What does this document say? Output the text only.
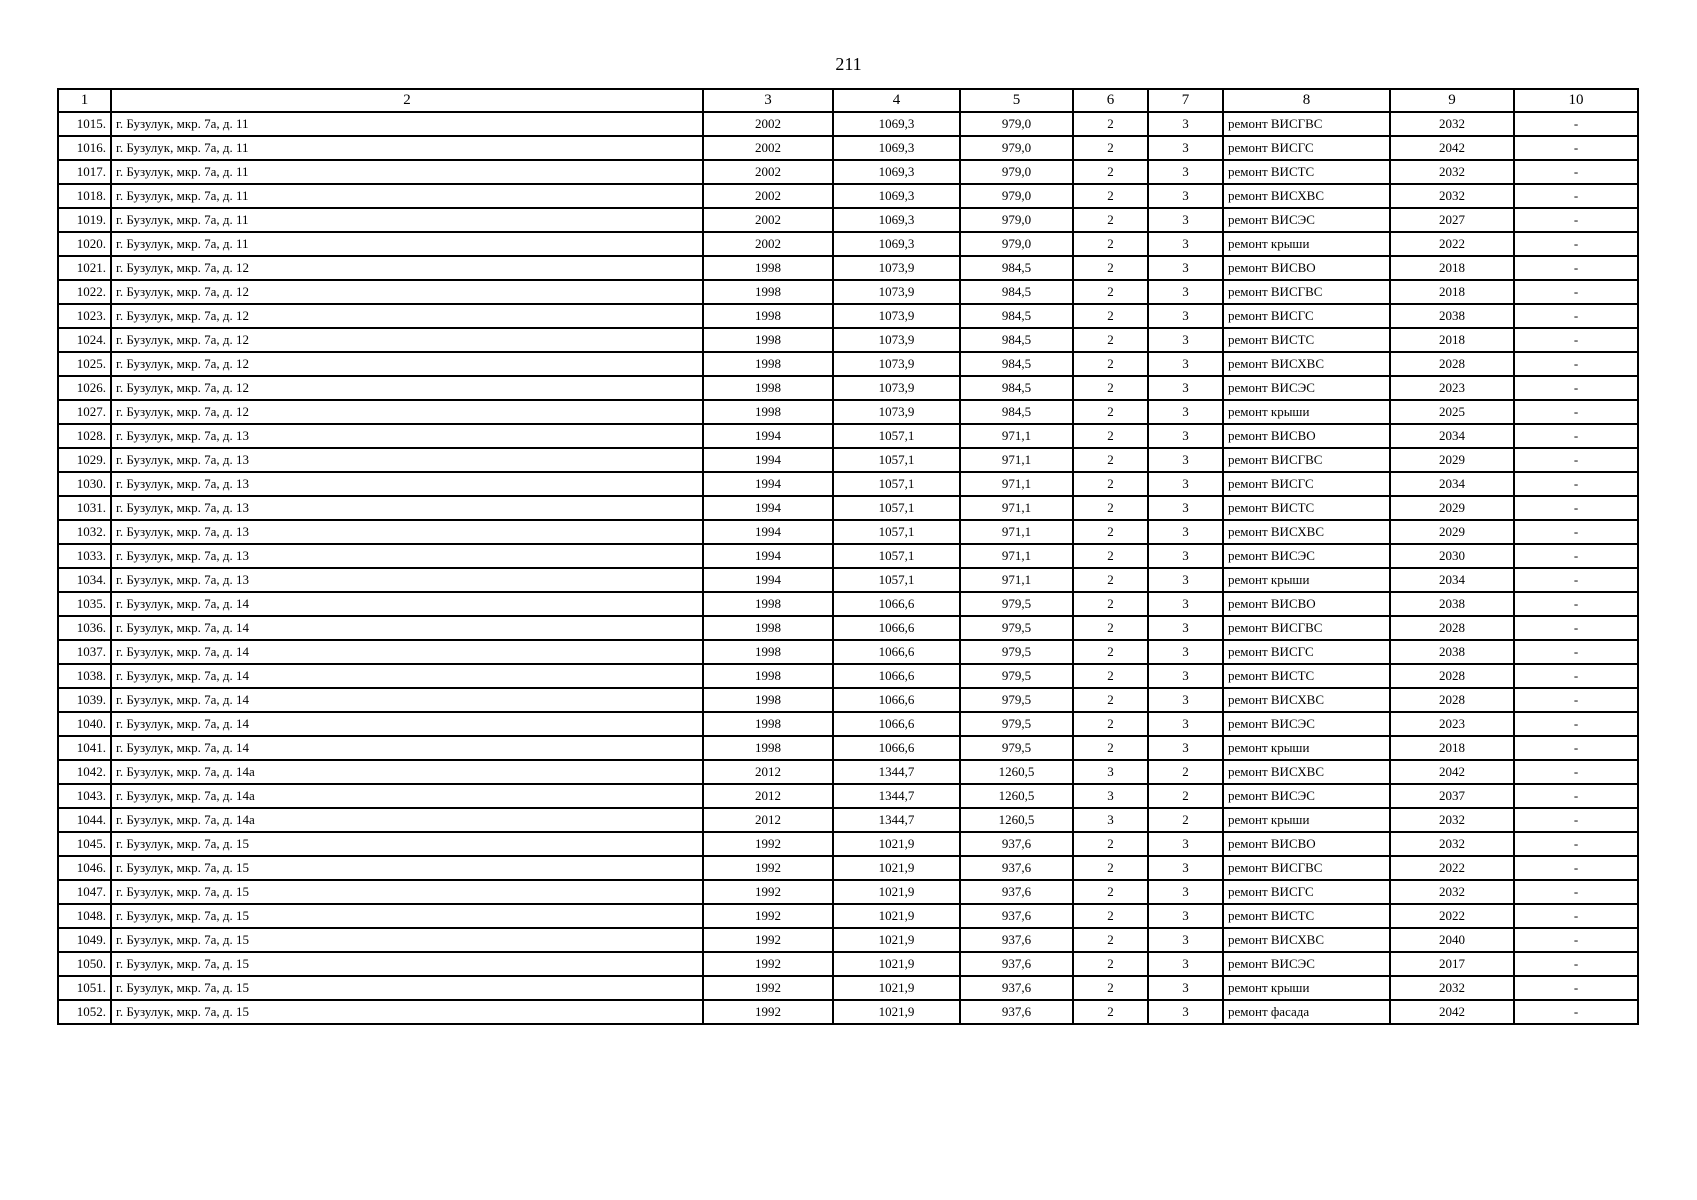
211
1	2	3	4	5	6	7	8	9	10
1015.	г. Бузулук, мкр. 7а, д. 11	2002	1069,3	979,0	2	3	ремонт ВИСГВС	2032	-
1016.	г. Бузулук, мкр. 7а, д. 11	2002	1069,3	979,0	2	3	ремонт ВИСГС	2042	-
1017.	г. Бузулук, мкр. 7а, д. 11	2002	1069,3	979,0	2	3	ремонт ВИСТС	2032	-
1018.	г. Бузулук, мкр. 7а, д. 11	2002	1069,3	979,0	2	3	ремонт ВИСХВС	2032	-
1019.	г. Бузулук, мкр. 7а, д. 11	2002	1069,3	979,0	2	3	ремонт ВИСЭС	2027	-
1020.	г. Бузулук, мкр. 7а, д. 11	2002	1069,3	979,0	2	3	ремонт крыши	2022	-
1021.	г. Бузулук, мкр. 7а, д. 12	1998	1073,9	984,5	2	3	ремонт ВИСВО	2018	-
1022.	г. Бузулук, мкр. 7а, д. 12	1998	1073,9	984,5	2	3	ремонт ВИСГВС	2018	-
1023.	г. Бузулук, мкр. 7а, д. 12	1998	1073,9	984,5	2	3	ремонт ВИСГС	2038	-
1024.	г. Бузулук, мкр. 7а, д. 12	1998	1073,9	984,5	2	3	ремонт ВИСТС	2018	-
1025.	г. Бузулук, мкр. 7а, д. 12	1998	1073,9	984,5	2	3	ремонт ВИСХВС	2028	-
1026.	г. Бузулук, мкр. 7а, д. 12	1998	1073,9	984,5	2	3	ремонт ВИСЭС	2023	-
1027.	г. Бузулук, мкр. 7а, д. 12	1998	1073,9	984,5	2	3	ремонт крыши	2025	-
1028.	г. Бузулук, мкр. 7а, д. 13	1994	1057,1	971,1	2	3	ремонт ВИСВО	2034	-
1029.	г. Бузулук, мкр. 7а, д. 13	1994	1057,1	971,1	2	3	ремонт ВИСГВС	2029	-
1030.	г. Бузулук, мкр. 7а, д. 13	1994	1057,1	971,1	2	3	ремонт ВИСГС	2034	-
1031.	г. Бузулук, мкр. 7а, д. 13	1994	1057,1	971,1	2	3	ремонт ВИСТС	2029	-
1032.	г. Бузулук, мкр. 7а, д. 13	1994	1057,1	971,1	2	3	ремонт ВИСХВС	2029	-
1033.	г. Бузулук, мкр. 7а, д. 13	1994	1057,1	971,1	2	3	ремонт ВИСЭС	2030	-
1034.	г. Бузулук, мкр. 7а, д. 13	1994	1057,1	971,1	2	3	ремонт крыши	2034	-
1035.	г. Бузулук, мкр. 7а, д. 14	1998	1066,6	979,5	2	3	ремонт ВИСВО	2038	-
1036.	г. Бузулук, мкр. 7а, д. 14	1998	1066,6	979,5	2	3	ремонт ВИСГВС	2028	-
1037.	г. Бузулук, мкр. 7а, д. 14	1998	1066,6	979,5	2	3	ремонт ВИСГС	2038	-
1038.	г. Бузулук, мкр. 7а, д. 14	1998	1066,6	979,5	2	3	ремонт ВИСТС	2028	-
1039.	г. Бузулук, мкр. 7а, д. 14	1998	1066,6	979,5	2	3	ремонт ВИСХВС	2028	-
1040.	г. Бузулук, мкр. 7а, д. 14	1998	1066,6	979,5	2	3	ремонт ВИСЭС	2023	-
1041.	г. Бузулук, мкр. 7а, д. 14	1998	1066,6	979,5	2	3	ремонт крыши	2018	-
1042.	г. Бузулук, мкр. 7а, д. 14а	2012	1344,7	1260,5	3	2	ремонт ВИСХВС	2042	-
1043.	г. Бузулук, мкр. 7а, д. 14а	2012	1344,7	1260,5	3	2	ремонт ВИСЭС	2037	-
1044.	г. Бузулук, мкр. 7а, д. 14а	2012	1344,7	1260,5	3	2	ремонт крыши	2032	-
1045.	г. Бузулук, мкр. 7а, д. 15	1992	1021,9	937,6	2	3	ремонт ВИСВО	2032	-
1046.	г. Бузулук, мкр. 7а, д. 15	1992	1021,9	937,6	2	3	ремонт ВИСГВС	2022	-
1047.	г. Бузулук, мкр. 7а, д. 15	1992	1021,9	937,6	2	3	ремонт ВИСГС	2032	-
1048.	г. Бузулук, мкр. 7а, д. 15	1992	1021,9	937,6	2	3	ремонт ВИСТС	2022	-
1049.	г. Бузулук, мкр. 7а, д. 15	1992	1021,9	937,6	2	3	ремонт ВИСХВС	2040	-
1050.	г. Бузулук, мкр. 7а, д. 15	1992	1021,9	937,6	2	3	ремонт ВИСЭС	2017	-
1051.	г. Бузулук, мкр. 7а, д. 15	1992	1021,9	937,6	2	3	ремонт крыши	2032	-
1052.	г. Бузулук, мкр. 7а, д. 15	1992	1021,9	937,6	2	3	ремонт фасада	2042	-
